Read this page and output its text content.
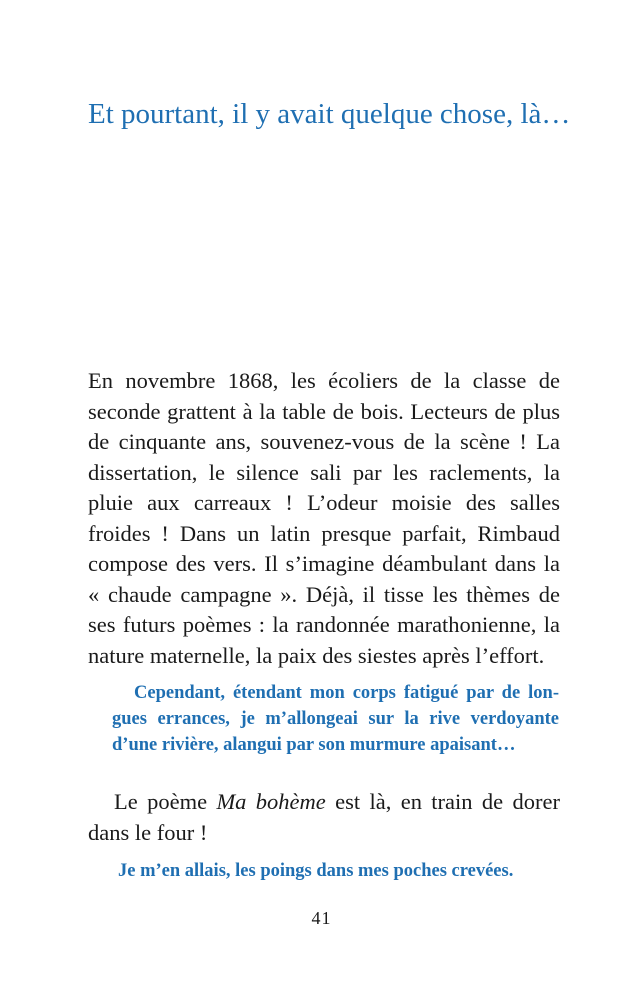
Et pourtant, il y avait quelque chose, là…

En novembre 1868, les écoliers de la classe de
seconde grattent à la table de bois. Lecteurs de plus
de cinquante ans, souvenez-vous de la scène ! La
dissertation, le silence sali par les raclements, la
pluie aux carreaux ! L’odeur moisie des salles
froides ! Dans un latin presque parfait, Rimbaud
compose des vers. Il s’imagine déambulant dans la
« chaude campagne ». Déjà, il tisse les thèmes de
ses futurs poèmes : la randonnée marathonienne, la
nature maternelle, la paix des siestes après l’effort.

Cependant, étendant mon corps fatigué par de lon-
gues errances, je m’allongeai sur la rive verdoyante
d’une rivière, alangui par son murmure apaisant…

Le poème Ma bohème est là, en train de dorer
dans le four !

Je m’en allais, les poings dans mes poches crevées.

41
